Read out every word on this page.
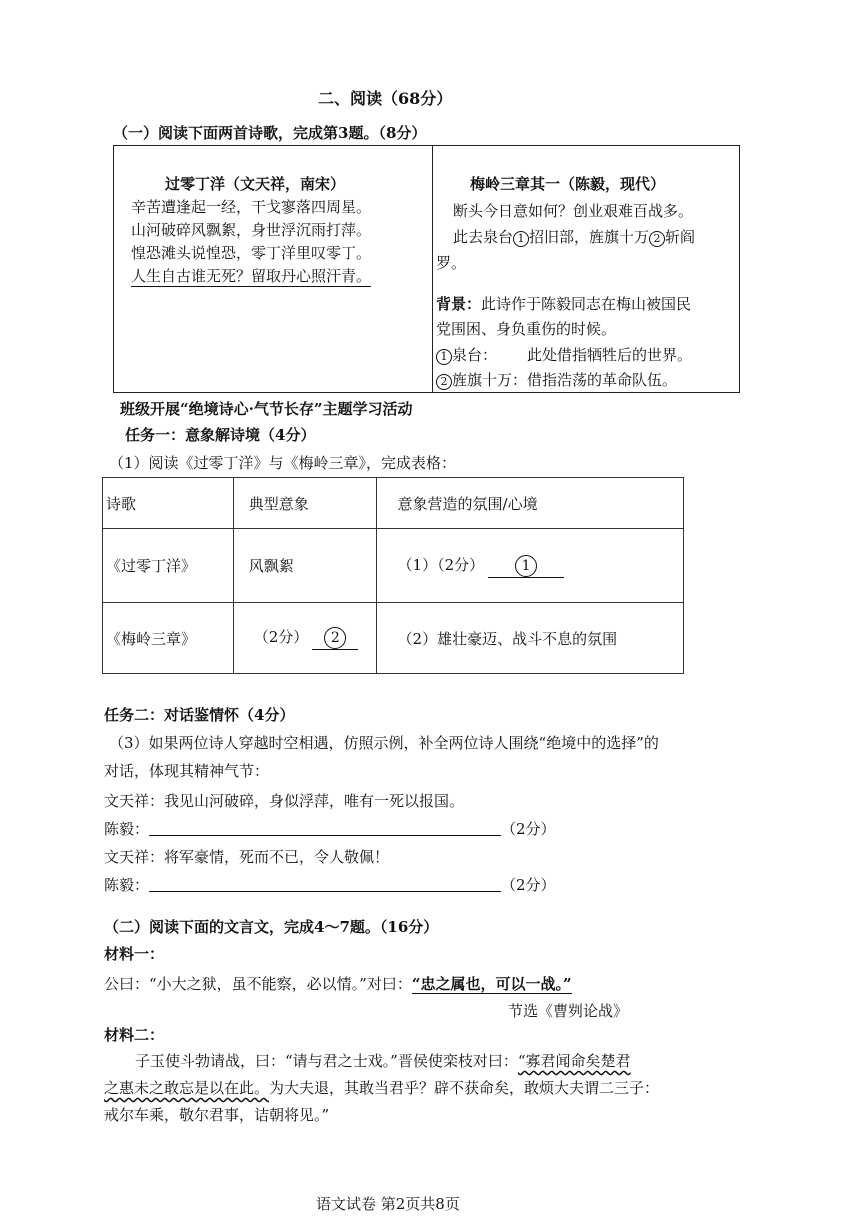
二、阅读（68分）
（一）阅读下面两首诗歌，完成第3题。（8分）
过零丁洋（文天祥，南宋）
辛苦遭逢起一经，干戈寥落四周星。
山河破碎风飘絮，身世浮沉雨打萍。
惶恐滩头说惶恐，零丁洋里叹零丁。
人生自古谁无死？留取丹心照汗青。
梅岭三章其一（陈毅，现代）
断头今日意如何？创业艰难百战多。
此去泉台 1 招旧部，旌旗十万 2 斩阎
罗。
背景：此诗作于陈毅同志在梅山被国民
党围困、身负重伤的时候。
1 泉台： 此处借指牺牲后的世界。
2 旌旗十万：借指浩荡的革命队伍。
班级开展“绝境诗心·气节长存”主题学习活动
任务一：意象解诗境（4分）
（1）阅读《过零丁洋》与《梅岭三章》，完成表格：
诗歌	典型意象	意象营造的氛围/心境
《过零丁洋》	风飘絮	（1）（2分） 1
《梅岭三章》	（2分） 2	（2）雄壮豪迈、战斗不息的氛围
任务二：对话鉴情怀（4分）
（3）如果两位诗人穿越时空相遇，仿照示例，补全两位诗人围绕“绝境中的选择”的
对话，体现其精神气节：
文天祥：我见山河破碎，身似浮萍，唯有一死以报国。
陈毅：	（2分）
文天祥：将军豪情，死而不已，令人敬佩！
陈毅：	（2分）
（二）阅读下面的文言文，完成4～7题。（16分）
材料一：
公曰：“小大之狱，虽不能察，必以情。”对曰：“忠之属也，可以一战。”
节选《曹刿论战》
材料二：
子玉使斗勃请战，曰：“请与君之士戏。”晋侯使栾枝对曰：“寡君闻命矣楚君
之惠未之敢忘是以在此。为大夫退，其敢当君乎？辟不获命矣，敢烦大夫谓二三子：
戒尔车乘，敬尔君事，诘朝将见。”
语文试卷 第2页共8页
